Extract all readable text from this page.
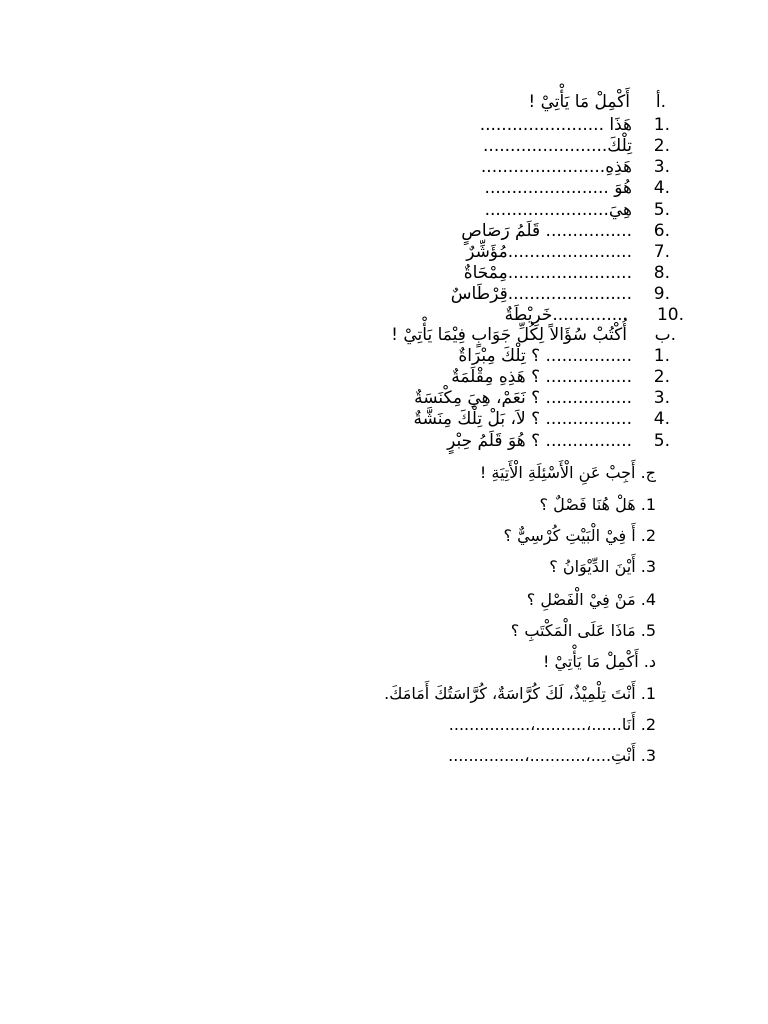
أ.
أَكْمِلْ مَا يَأْتِيْ !
1.
هَذَا .......................
2.
تِلْكَ.......................
3.
هَذِهِ.......................
4.
هُوَ .......................
5.
هِيَ.......................
6.
................ قَلَمُ رَصَاصٍ
7.
.......................مُؤَشِّرٌ
8.
.......................مِمْحَاةٌ
9.
.......................قِرْطَاسٌ
10.
..............خَرِيْطَةٌ
ب.
أُكْتُبْ سُؤَالاً لِكُلِّ جَوَابٍ فِيْمَا يَأْتِيْ !
1.
................ ؟ تِلْكَ مِبْرَاةٌ
2.
................ ؟ هَذِهِ مِقْلَمَةٌ
3.
................ ؟ نَعَمْ، هِيَ مِكْنَسَةٌ
4.
................ ؟ لاَ، بَلْ تِلْكَ مِنَشَّةٌ
5.
................ ؟ هُوَ قَلَمُ حِبْرٍ
ج. أَجِبْ عَنِ الْأَسْئِلَةِ الْأَتِيَةِ !
1. هَلْ هُنَا فَصْلٌ ؟
2. أَ فِيْ الْبَيْتِ كُرْسِيٌّ ؟
3. أَيْنَ الدِّيْوَانُ ؟
4. مَنْ فِيْ الْفَصْلِ ؟
5. مَاذَا عَلَى الْمَكْتَبِ ؟
د. أَكْمِلْ مَا يَأْتِيْ !
1. أَنْتَ تِلْمِيْذٌ، لَكَ كُرَّاسَةٌ، كُرَّاسَتُكَ أَمَامَكَ.
2. أَنَا......،..........،................
3. أَنْتِ....،...........،...............
